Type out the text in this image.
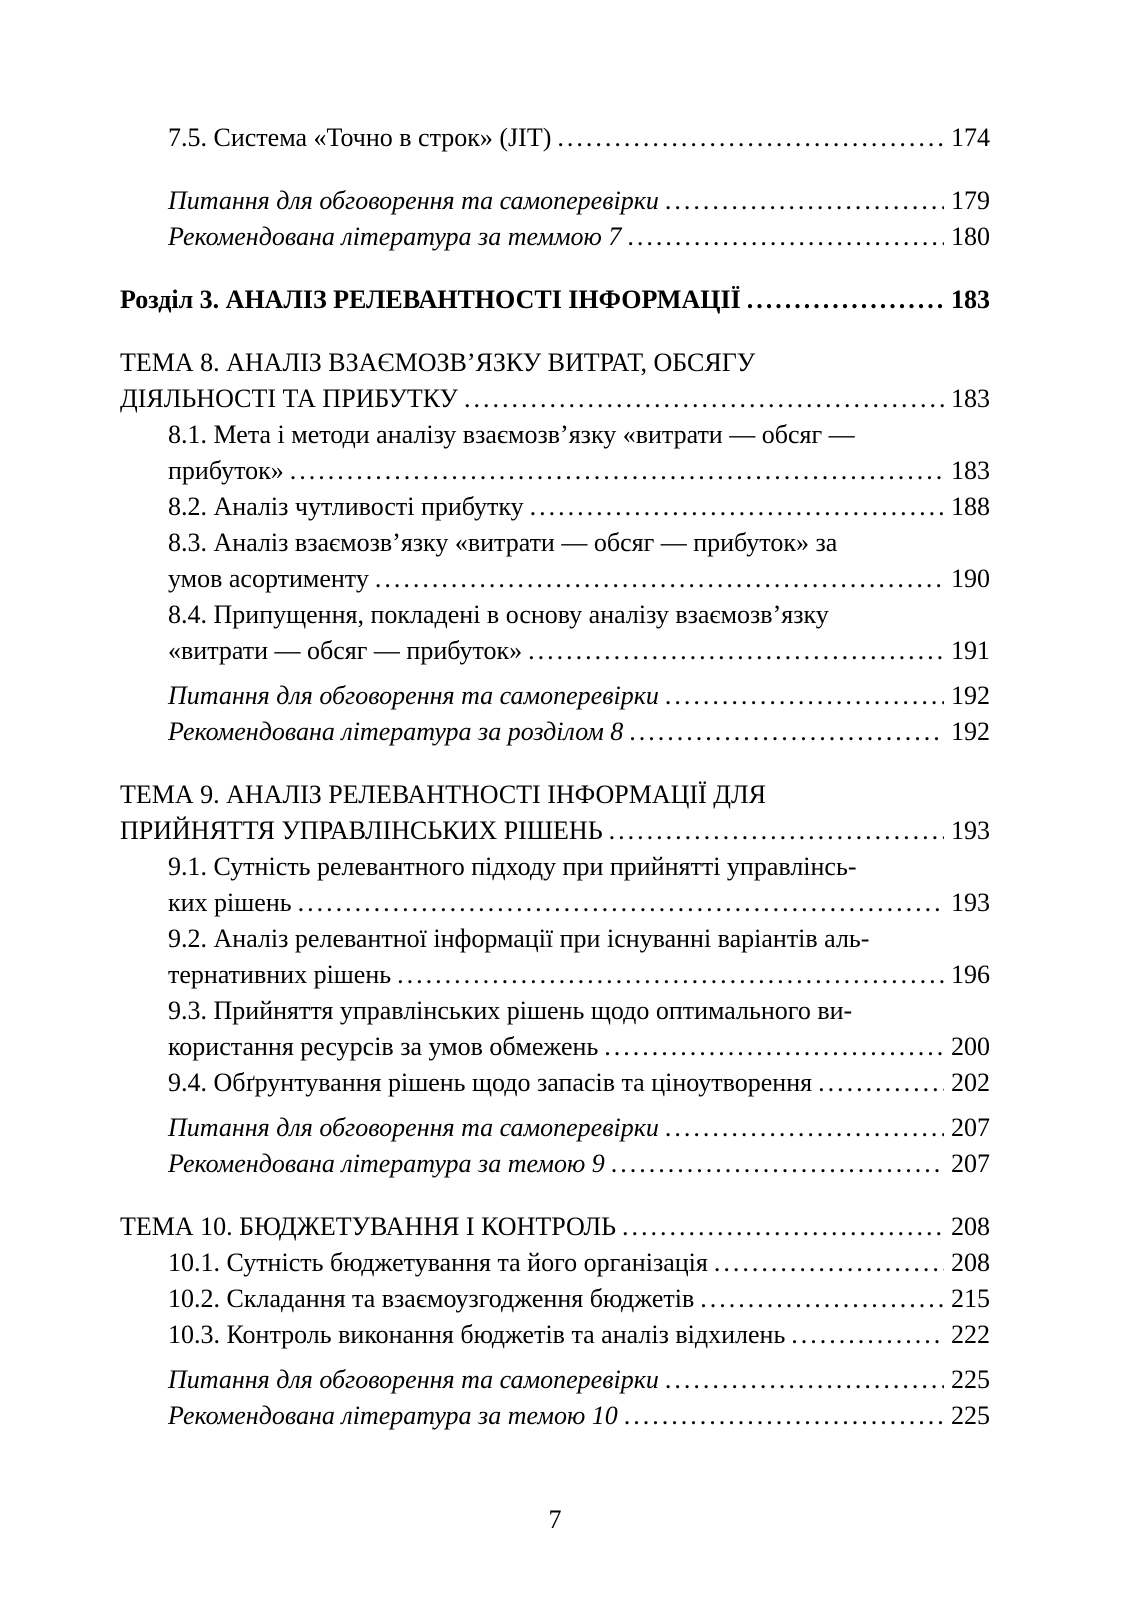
7.5. Система «Точно в строк» (JIT) .....	174
Питання для обговорення та самоперевірки .....	179
Рекомендована література за теммою 7 .....	180
Розділ 3. АНАЛІЗ РЕЛЕВАНТНОСТІ ІНФОРМАЦІЇ .....	183
ТЕМА 8. АНАЛІЗ ВЗАЄМОЗВ’ЯЗКУ ВИТРАТ, ОБСЯГУ
ДІЯЛЬНОСТІ ТА ПРИБУТКУ .....	183
8.1. Мета і методи аналізу взаємозв’язку «витрати — обсяг —
прибуток» .....	183
8.2. Аналіз чутливості прибутку .....	188
8.3. Аналіз взаємозв’язку «витрати — обсяг — прибуток» за
умов асортименту .....	190
8.4. Припущення, покладені в основу аналізу взаємозв’язку
«витрати — обсяг — прибуток» .....	191
Питання для обговорення та самоперевірки .....	192
Рекомендована література за розділом 8 .....	192
ТЕМА 9. АНАЛІЗ РЕЛЕВАНТНОСТІ ІНФОРМАЦІЇ ДЛЯ
ПРИЙНЯТТЯ УПРАВЛІНСЬКИХ РІШЕНЬ .....	193
9.1. Сутність релевантного підходу при прийнятті управлінсь-
ких рішень .....	193
9.2. Аналіз релевантної інформації при існуванні варіантів аль-
тернативних рішень .....	196
9.3. Прийняття управлінських рішень щодо оптимального ви-
користання ресурсів за умов обмежень .....	200
9.4. Обґрунтування рішень щодо запасів та ціноутворення .....	202
Питання для обговорення та самоперевірки .....	207
Рекомендована література за темою 9 .....	207
ТЕМА 10. БЮДЖЕТУВАННЯ І КОНТРОЛЬ .....	208
10.1. Сутність бюджетування та його організація .....	208
10.2. Складання та взаємоузгодження бюджетів .....	215
10.3. Контроль виконання бюджетів та аналіз відхилень .....	222
Питання для обговорення та самоперевірки .....	225
Рекомендована література за темою 10 .....	225
7
